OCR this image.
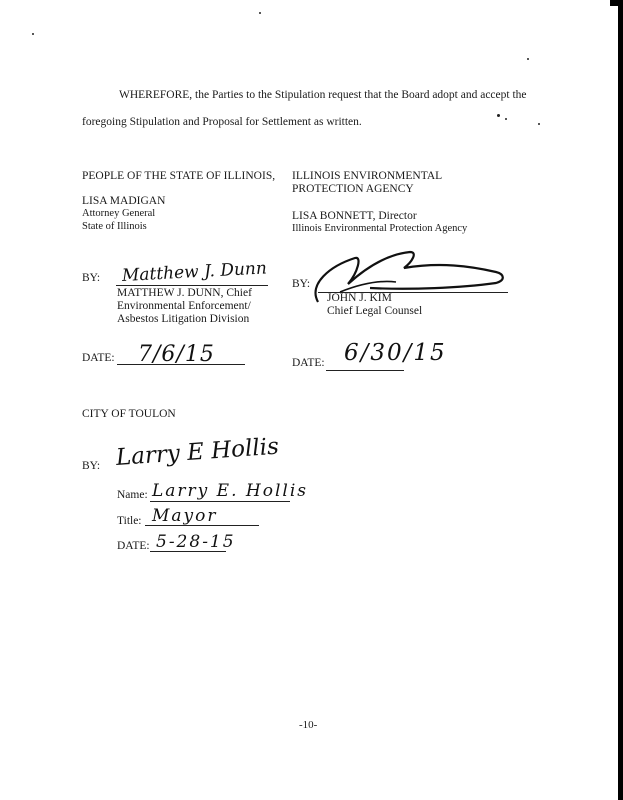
WHEREFORE, the Parties to the Stipulation request that the Board adopt and accept the
foregoing Stipulation and Proposal for Settlement as written.
PEOPLE OF THE STATE OF ILLINOIS,
LISA MADIGAN
Attorney General
State of Illinois
ILLINOIS ENVIRONMENTAL
PROTECTION AGENCY
LISA BONNETT, Director
Illinois Environmental Protection Agency
BY: Matthew J. Dunn
MATTHEW J. DUNN, Chief
Environmental Enforcement/
Asbestos Litigation Division
DATE: 7/6/15
BY:
JOHN J. KIM
Chief Legal Counsel
DATE: 6/30/15
CITY OF TOULON
BY: Larry E Hollis
Name: Larry E. Hollis
Title: Mayor
DATE: 5-28-15
-10-
